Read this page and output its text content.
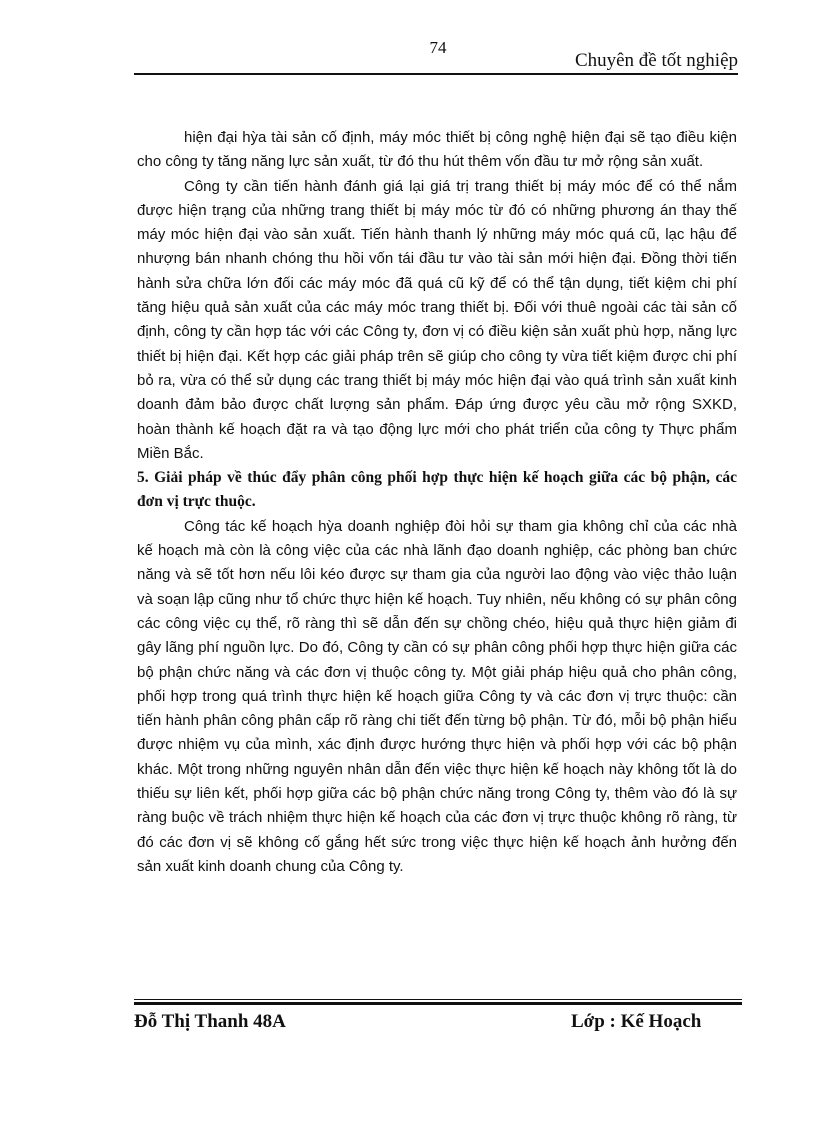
74
Chuyên đề tốt nghiệp

hiện đại hỳa tài sản cố định, máy móc thiết bị công nghệ hiện đại sẽ tạo điều kiện cho công ty tăng năng lực sản xuất, từ đó thu hút thêm vốn đầu tư mở rộng sản xuất.

Công ty cần tiến hành đánh giá lại giá trị trang thiết bị máy móc để có thể nắm được hiện trạng của những trang thiết bị máy móc từ đó có những phương án thay thế máy móc hiện đại vào sản xuất. Tiến hành thanh lý những máy móc quá cũ, lạc hậu để nhượng bán nhanh chóng thu hồi vốn tái đầu tư vào tài sản mới hiện đại. Đồng thời tiến hành sửa chữa lớn đối các máy móc đã quá cũ kỹ để có thể tận dụng, tiết kiệm chi phí tăng hiệu quả sản xuất của các máy móc trang thiết bị. Đối với thuê ngoài các tài sản cố định, công ty cần hợp tác với các Công ty, đơn vị có điều kiện sản xuất phù hợp, năng lực thiết bị hiện đại. Kết hợp các giải pháp trên sẽ giúp cho công ty vừa tiết kiệm được chi phí bỏ ra, vừa có thể sử dụng các trang thiết bị máy móc hiện đại vào quá trình sản xuất kinh doanh đảm bảo được chất lượng sản phẩm. Đáp ứng được yêu cầu mở rộng SXKD, hoàn thành kế hoạch đặt ra và tạo động lực mới cho phát triển của công ty Thực phẩm Miền Bắc.

5. Giải pháp về thúc đẩy phân công phối hợp thực hiện kế hoạch giữa các bộ phận, các đơn vị trực thuộc.

Công tác kế hoạch hỳa doanh nghiệp đòi hỏi sự tham gia không chỉ của các nhà kế hoạch mà còn là công việc của các nhà lãnh đạo doanh nghiệp, các phòng ban chức năng và sẽ tốt hơn nếu lôi kéo được sự tham gia của người lao động vào việc thảo luận và soạn lập cũng như tổ chức thực hiện kế hoạch. Tuy nhiên, nếu không có sự phân công các công việc cụ thể, rõ ràng thì sẽ dẫn đến sự chồng chéo, hiệu quả thực hiện giảm đi gây lãng phí nguồn lực. Do đó, Công ty cần có sự phân công phối hợp thực hiện giữa các bộ phận chức năng và các đơn vị thuộc công ty. Một giải pháp hiệu quả cho phân công, phối hợp trong quá trình thực hiện kế hoạch giữa Công ty và các đơn vị trực thuộc: cần tiến hành phân công phân cấp rõ ràng chi tiết đến từng bộ phận. Từ đó, mỗi bộ phận hiểu được nhiệm vụ của mình, xác định được hướng thực hiện và phối hợp với các bộ phận khác. Một trong những nguyên nhân dẫn đến việc thực hiện kế hoạch này không tốt là do thiếu sự liên kết, phối hợp giữa các bộ phận chức năng trong Công ty, thêm vào đó là sự ràng buộc về trách nhiệm thực hiện kế hoạch của các đơn vị trực thuộc không rõ ràng, từ đó các đơn vị sẽ không cố gắng hết sức trong việc thực hiện kế hoạch ảnh hưởng đến sản xuất kinh doanh chung của Công ty.

Đỗ Thị Thanh 48A	Lớp : Kế Hoạch
